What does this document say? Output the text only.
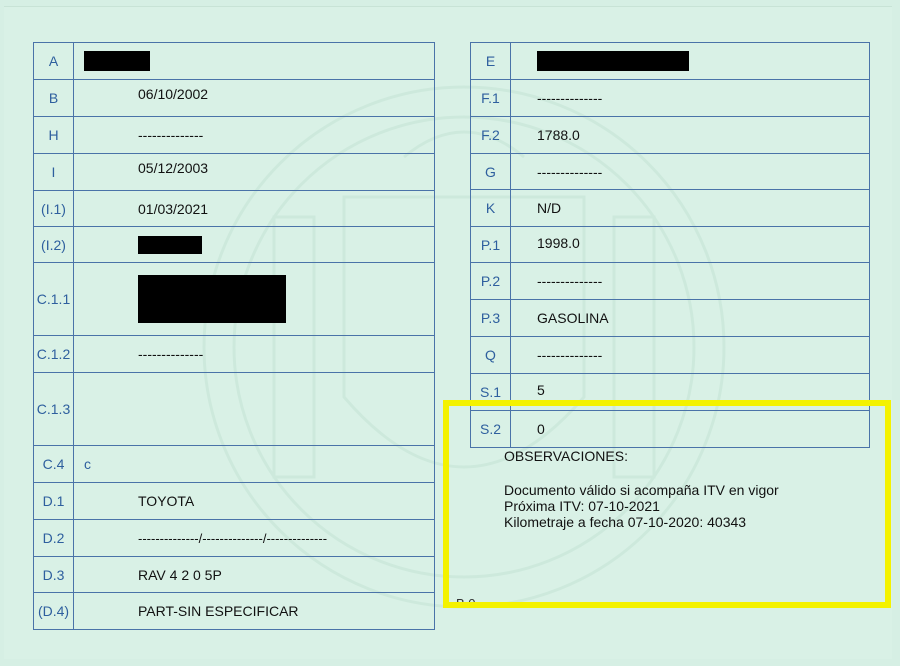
A	
B	06/10/2002
H	--------------
I	05/12/2003
(I.1)	01/03/2021
(I.2)	
C.1.1	
C.1.2	--------------
C.1.3	
C.4	c
D.1	TOYOTA
D.2	--------------/--------------/--------------
D.3	RAV 4 2 0 5P
(D.4)	PART-SIN ESPECIFICAR
E	
F.1	--------------
F.2	1788.0
G	--------------
K	N/D
P.1	1998.0
P.2	--------------
P.3	GASOLINA
Q	--------------
S.1	5
S.2	0
OBSERVACIONES:
Documento válido si acompaña ITV en vigor
Próxima ITV: 07-10-2021
Kilometraje a fecha 07-10-2020: 40343
B 0
